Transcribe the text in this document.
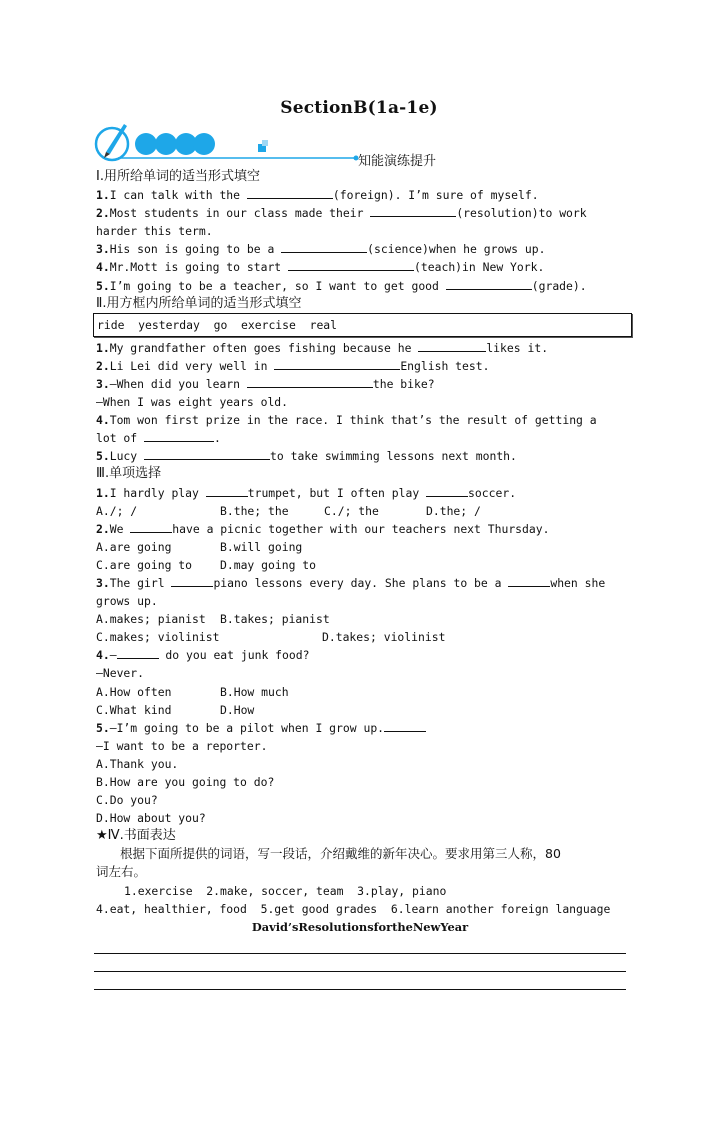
SectionB(1a-1e)
知能演练提升
Ⅰ.用所给单词的适当形式填空
1.I can talk with the	(foreign). I’m sure of myself.
2.Most students in our class made their	(resolution)to work
harder this term.
3.His son is going to be a	(science)when he grows up.
4.Mr.Mott is going to start	(teach)in New York.
5.I’m going to be a teacher, so I want to get good	(grade).
Ⅱ.用方框内所给单词的适当形式填空
ride  yesterday  go  exercise  real
1.My grandfather often goes fishing because he	likes it.
2.Li Lei did very well in	English test.
3.—When did you learn	the bike?
—When I was eight years old.
4.Tom won first prize in the race. I think that’s the result of getting a
lot of	.
5.Lucy	to take swimming lessons next month.
Ⅲ.单项选择
1.I hardly play	trumpet, but I often play	soccer.
A./; /	B.the; the	C./; the	D.the; /
2.We	have a picnic together with our teachers next Thursday.
A.are going	B.will going
C.are going to D.may going to
3.The girl	piano lessons every day. She plans to be a	when she
grows up.
A.makes; pianist B.takes; pianist
C.makes; violinist	D.takes; violinist
4.—	do you eat junk food?
—Never.
A.How often	B.How much
C.What kind	D.How
5.—I’m going to be a pilot when I grow up.
—I want to be a reporter.
A.Thank you.
B.How are you going to do?
C.Do you?
D.How about you?
★Ⅳ.书面表达
根据下面所提供的词语，写一段话，介绍戴维的新年决心。要求用第三人称，80
词左右。
1.exercise  2.make, soccer, team  3.play, piano
4.eat, healthier, food  5.get good grades  6.learn another foreign language
David’sResolutionsfortheNewYear
